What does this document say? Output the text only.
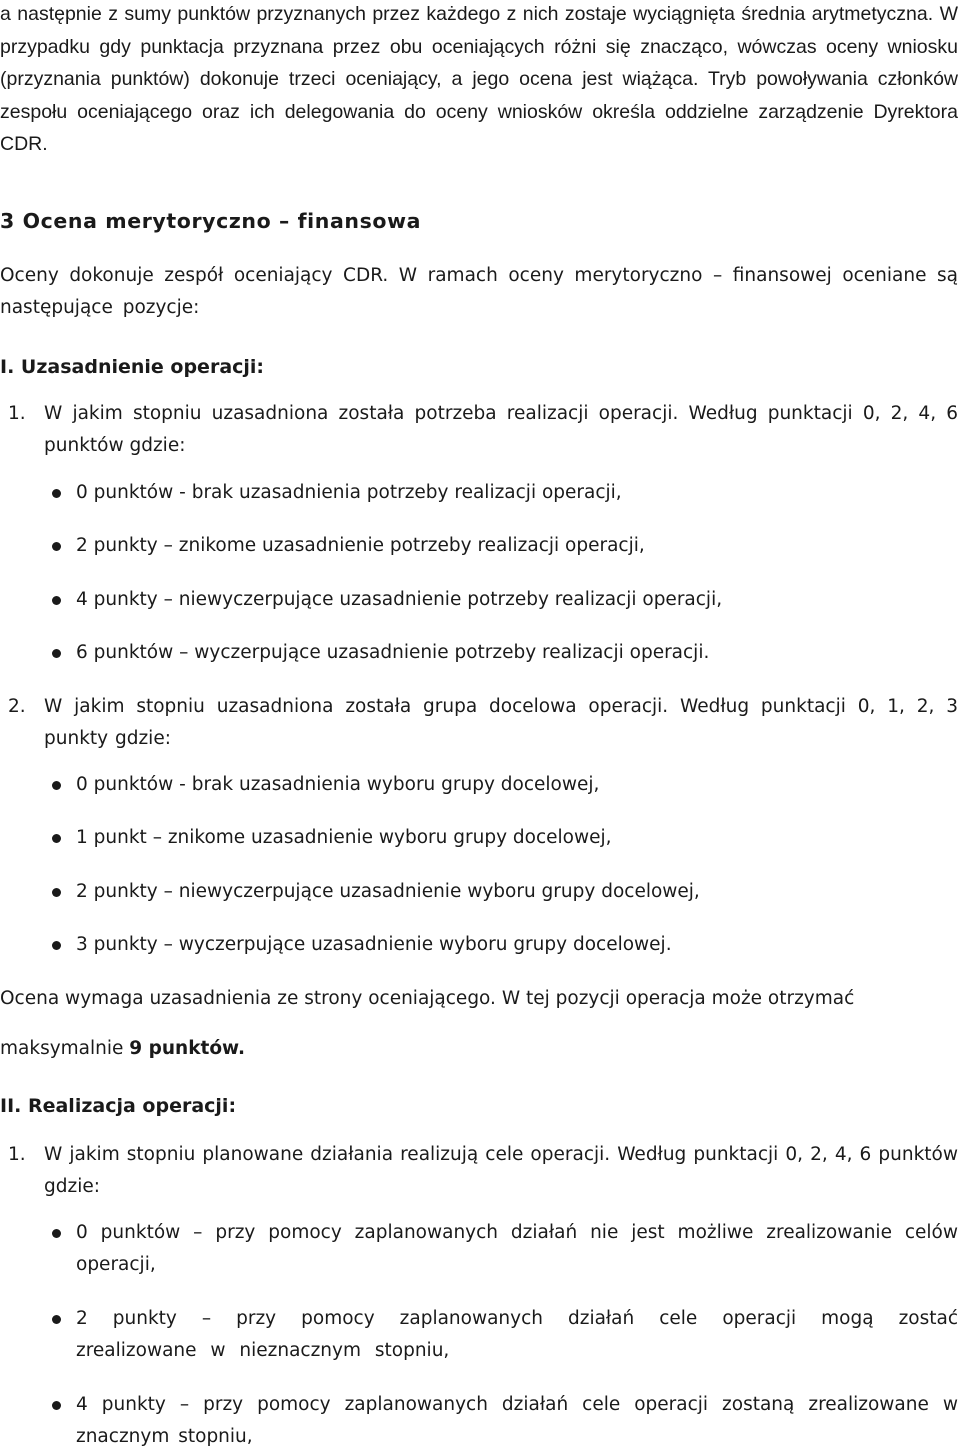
a następnie z sumy punktów przyznanych przez każdego z nich zostaje wyciągnięta średnia arytmetyczna. W przypadku gdy punktacja przyznana przez obu oceniających różni się znacząco, wówczas oceny wniosku (przyznania punktów) dokonuje trzeci oceniający, a jego ocena jest wiążąca. Tryb powoływania członków zespołu oceniającego oraz ich delegowania do oceny wniosków określa oddzielne zarządzenie Dyrektora CDR.

3 Ocena merytoryczno – finansowa

Oceny dokonuje zespół oceniający CDR. W ramach oceny merytoryczno – finansowej oceniane są następujące pozycje:

I. Uzasadnienie operacji:
1. W jakim stopniu uzasadniona została potrzeba realizacji operacji. Według punktacji 0, 2, 4, 6 punktów gdzie:
0 punktów - brak uzasadnienia potrzeby realizacji operacji,
2 punkty – znikome uzasadnienie potrzeby realizacji operacji,
4 punkty – niewyczerpujące uzasadnienie potrzeby realizacji operacji,
6 punktów – wyczerpujące uzasadnienie potrzeby realizacji operacji.
2. W jakim stopniu uzasadniona została grupa docelowa operacji. Według punktacji 0, 1, 2, 3 punkty gdzie:
0 punktów - brak uzasadnienia wyboru grupy docelowej,
1 punkt – znikome uzasadnienie wyboru grupy docelowej,
2 punkty – niewyczerpujące uzasadnienie wyboru grupy docelowej,
3 punkty – wyczerpujące uzasadnienie wyboru grupy docelowej.
Ocena wymaga uzasadnienia ze strony oceniającego. W tej pozycji operacja może otrzymać
maksymalnie 9 punktów.
II. Realizacja operacji:
1. W jakim stopniu planowane działania realizują cele operacji. Według punktacji 0, 2, 4, 6 punktów gdzie:
0 punktów – przy pomocy zaplanowanych działań nie jest możliwe zrealizowanie celów operacji,
2 punkty – przy pomocy zaplanowanych działań cele operacji mogą zostać zrealizowane w nieznacznym stopniu,
4 punkty – przy pomocy zaplanowanych działań cele operacji zostaną zrealizowane w znacznym stopniu,
